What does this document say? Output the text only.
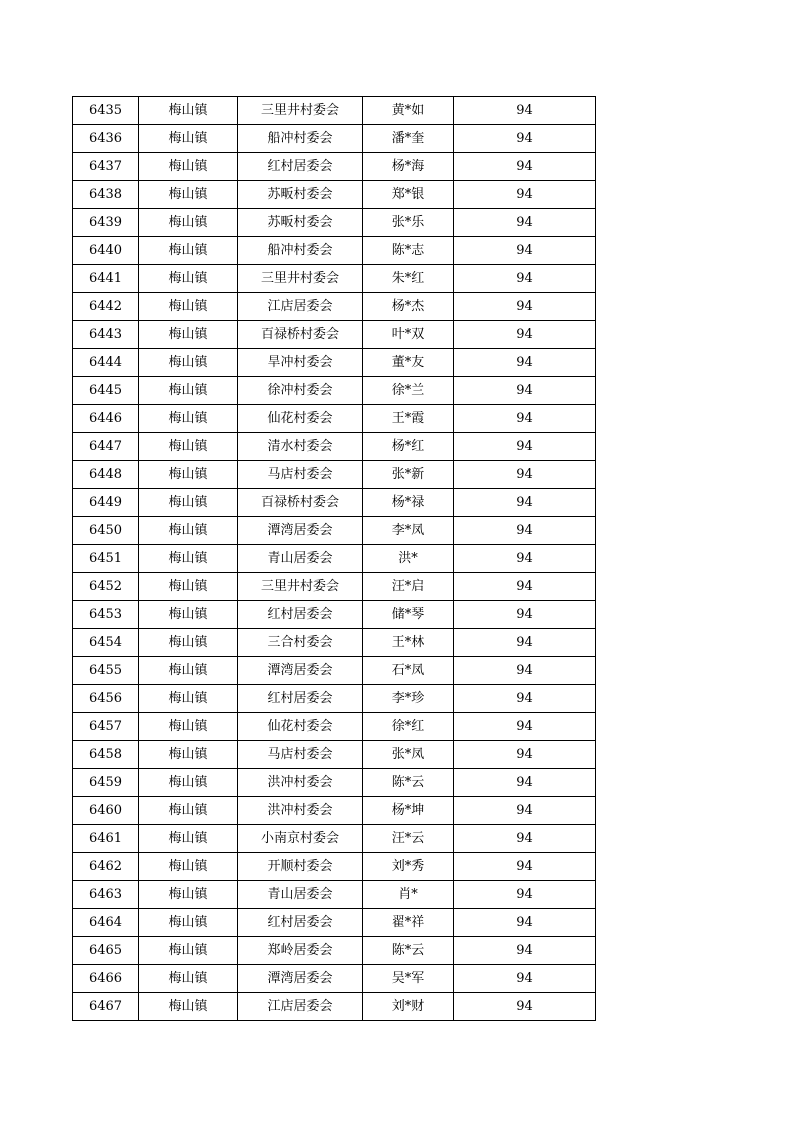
6435	梅山镇	三里井村委会	黄*如	94
6436	梅山镇	船冲村委会	潘*奎	94
6437	梅山镇	红村居委会	杨*海	94
6438	梅山镇	苏畈村委会	郑*银	94
6439	梅山镇	苏畈村委会	张*乐	94
6440	梅山镇	船冲村委会	陈*志	94
6441	梅山镇	三里井村委会	朱*红	94
6442	梅山镇	江店居委会	杨*杰	94
6443	梅山镇	百禄桥村委会	叶*双	94
6444	梅山镇	旱冲村委会	董*友	94
6445	梅山镇	徐冲村委会	徐*兰	94
6446	梅山镇	仙花村委会	王*霞	94
6447	梅山镇	清水村委会	杨*红	94
6448	梅山镇	马店村委会	张*新	94
6449	梅山镇	百禄桥村委会	杨*禄	94
6450	梅山镇	潭湾居委会	李*凤	94
6451	梅山镇	青山居委会	洪*	94
6452	梅山镇	三里井村委会	汪*启	94
6453	梅山镇	红村居委会	储*琴	94
6454	梅山镇	三合村委会	王*林	94
6455	梅山镇	潭湾居委会	石*凤	94
6456	梅山镇	红村居委会	李*珍	94
6457	梅山镇	仙花村委会	徐*红	94
6458	梅山镇	马店村委会	张*凤	94
6459	梅山镇	洪冲村委会	陈*云	94
6460	梅山镇	洪冲村委会	杨*坤	94
6461	梅山镇	小南京村委会	汪*云	94
6462	梅山镇	开顺村委会	刘*秀	94
6463	梅山镇	青山居委会	肖*	94
6464	梅山镇	红村居委会	翟*祥	94
6465	梅山镇	郑岭居委会	陈*云	94
6466	梅山镇	潭湾居委会	吴*军	94
6467	梅山镇	江店居委会	刘*财	94
